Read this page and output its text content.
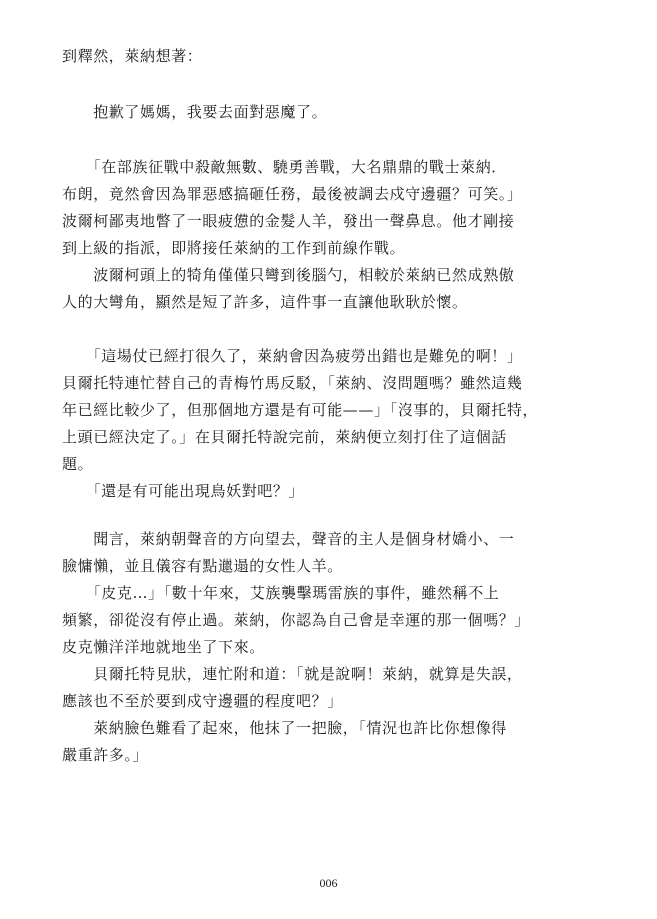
到釋然，萊納想著：
　　抱歉了媽媽，我要去面對惡魔了。
　　「在部族征戰中殺敵無數、驍勇善戰，大名鼎鼎的戰士萊納．
布朗，竟然會因為罪惡感搞砸任務，最後被調去戍守邊疆？可笑。」
波爾柯鄙夷地瞥了一眼疲憊的金髮人羊，發出一聲鼻息。他才剛接
到上級的指派，即將接任萊納的工作到前線作戰。
　　波爾柯頭上的犄角僅僅只彎到後腦勺，相較於萊納已然成熟傲
人的大彎角，顯然是短了許多，這件事一直讓他耿耿於懷。
　　「這場仗已經打很久了，萊納會因為疲勞出錯也是難免的啊！」
貝爾托特連忙替自己的青梅竹馬反駁，「萊納、沒問題嗎？雖然這幾
年已經比較少了，但那個地方還是有可能——」「沒事的，貝爾托特，
上頭已經決定了。」在貝爾托特說完前，萊納便立刻打住了這個話
題。
　　「還是有可能出現鳥妖對吧？」
　　聞言，萊納朝聲音的方向望去，聲音的主人是個身材嬌小、一
臉慵懶，並且儀容有點邋遢的女性人羊。
　　「皮克…」「數十年來，艾族襲擊瑪雷族的事件，雖然稱不上
頻繁，卻從沒有停止過。萊納，你認為自己會是幸運的那一個嗎？」
皮克懶洋洋地就地坐了下來。
　　貝爾托特見狀，連忙附和道：「就是說啊！萊納，就算是失誤，
應該也不至於要到戍守邊疆的程度吧？」
　　萊納臉色難看了起來，他抹了一把臉，「情況也許比你想像得
嚴重許多。」
006
